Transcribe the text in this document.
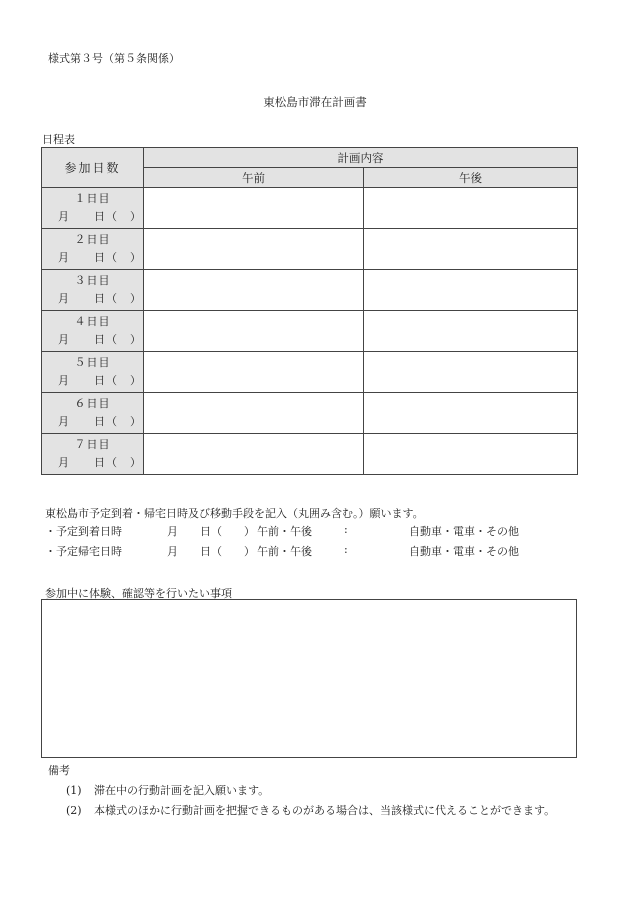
様式第３号（第５条関係）
東松島市滞在計画書
日程表
参加日数	計画内容	
	午前	午後

１日目
月　　日（　）		

２日目
月　　日（　）		

３日目
月　　日（　）		

４日目
月　　日（　）		

５日目
月　　日（　）		

６日目
月　　日（　）		

７日目
月　　日（　）		

東松島市予定到着・帰宅日時及び移動手段を記入（丸囲み含む。）願います。
・予定到着日時	月 日（　　） 午前・午後	:	自動車・電車・その他
・予定帰宅日時	月 日（　　） 午前・午後	:	自動車・電車・その他
参加中に体験、確認等を行いたい事項
備考
(1) 滞在中の行動計画を記入願います。
(2) 本様式のほかに行動計画を把握できるものがある場合は、当該様式に代えることができます。
